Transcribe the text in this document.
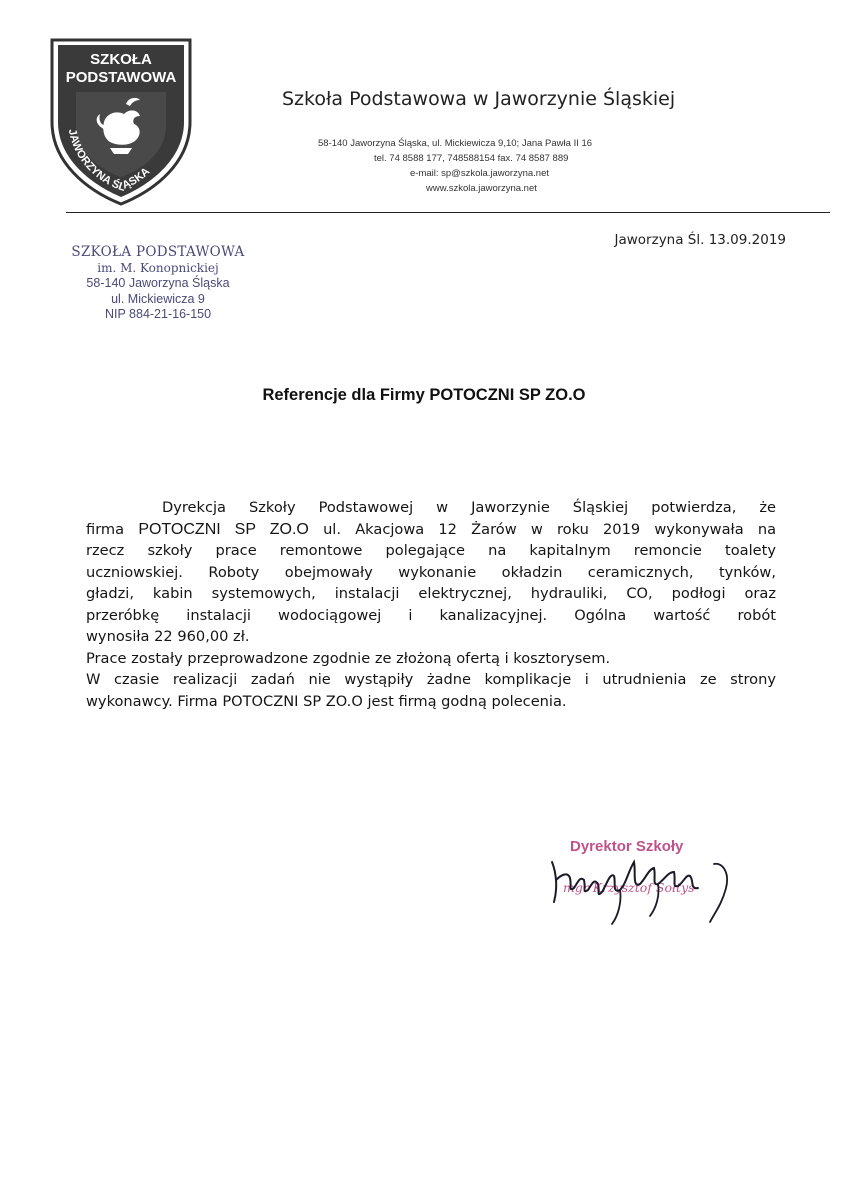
SZKOŁA
PODSTAWOWA
JAWORZYNA ŚLĄSKA
Szkoła Podstawowa w Jaworzynie Śląskiej
58-140 Jaworzyna Śląska, ul. Mickiewicza 9,10; Jana Pawła II 16
tel. 74 8588 177, 748588154 fax. 74 8587 889
e-mail: sp@szkola.jaworzyna.net
www.szkola.jaworzyna.net
Jaworzyna Śl. 13.09.2019
SZKOŁA PODSTAWOWA
im. M. Konopnickiej
58-140 Jaworzyna Śląska
ul. Mickiewicza 9
NIP 884-21-16-150
Referencje dla Firmy POTOCZNI SP ZO.O

Dyrekcja Szkoły Podstawowej w Jaworzynie Śląskiej potwierdza, że

firma POTOCZNI SP ZO.O ul. Akacjowa 12 Żarów w roku 2019 wykonywała na

rzecz szkoły prace remontowe polegające na kapitalnym remoncie toalety

uczniowskiej. Roboty obejmowały wykonanie okładzin ceramicznych, tynków,

gładzi, kabin systemowych, instalacji elektrycznej, hydrauliki, CO, podłogi oraz

przeróbkę instalacji wodociągowej i kanalizacyjnej. Ogólna wartość robót

wynosiła 22 960,00 zł.

Prace zostały przeprowadzone zgodnie ze złożoną ofertą i kosztorysem.

W czasie realizacji zadań nie wystąpiły żadne komplikacje i utrudnienia ze strony

wykonawcy. Firma POTOCZNI SP ZO.O jest firmą godną polecenia.

Dyrektor Szkoły
mgr Krzysztof Sołtys
